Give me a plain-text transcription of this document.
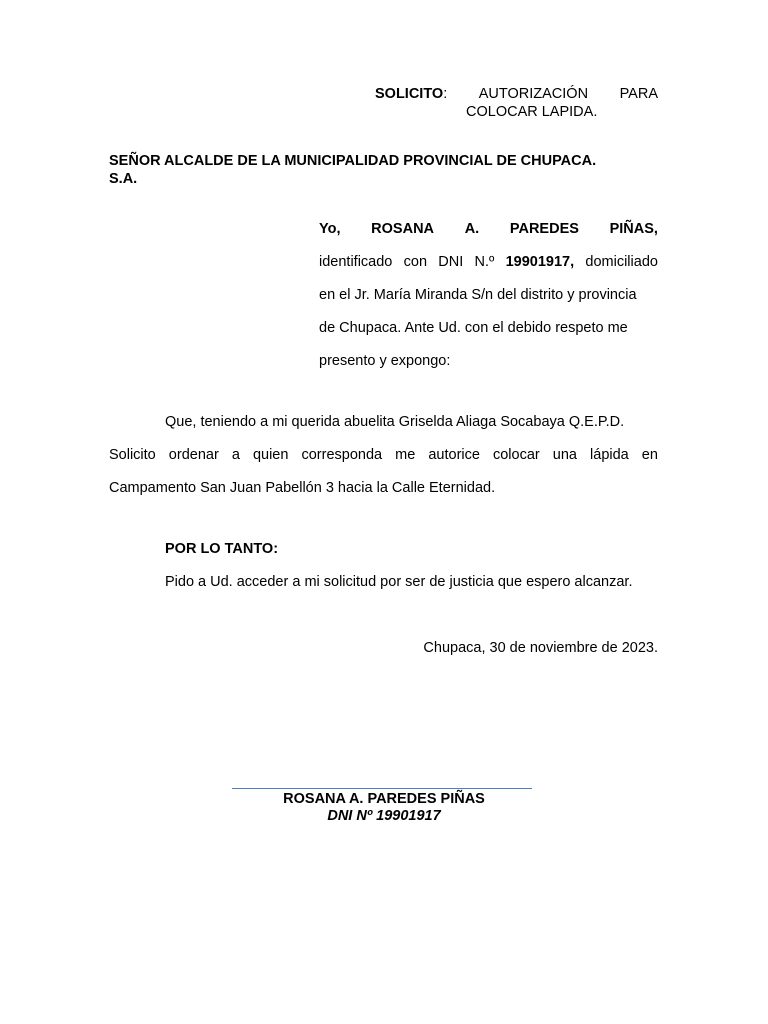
SOLICITO: AUTORIZACIÓN PARA
COLOCAR LAPIDA.
SEÑOR ALCALDE DE LA MUNICIPALIDAD PROVINCIAL DE CHUPACA.
S.A.
Yo, ROSANA A. PAREDES PIÑAS,
identificado con DNI N.º 19901917, domiciliado
en el Jr. María Miranda S/n del distrito y provincia
de Chupaca. Ante Ud. con el debido respeto me
presento y expongo:
Que, teniendo a mi querida abuelita Griselda Aliaga Socabaya Q.E.P.D.
Solicito ordenar a quien corresponda me autorice colocar una lápida en
Campamento San Juan Pabellón 3 hacia la Calle Eternidad.
POR LO TANTO:
Pido a Ud. acceder a mi solicitud por ser de justicia que espero alcanzar.
Chupaca, 30 de noviembre de 2023.
ROSANA A. PAREDES PIÑAS
DNI Nº 19901917
